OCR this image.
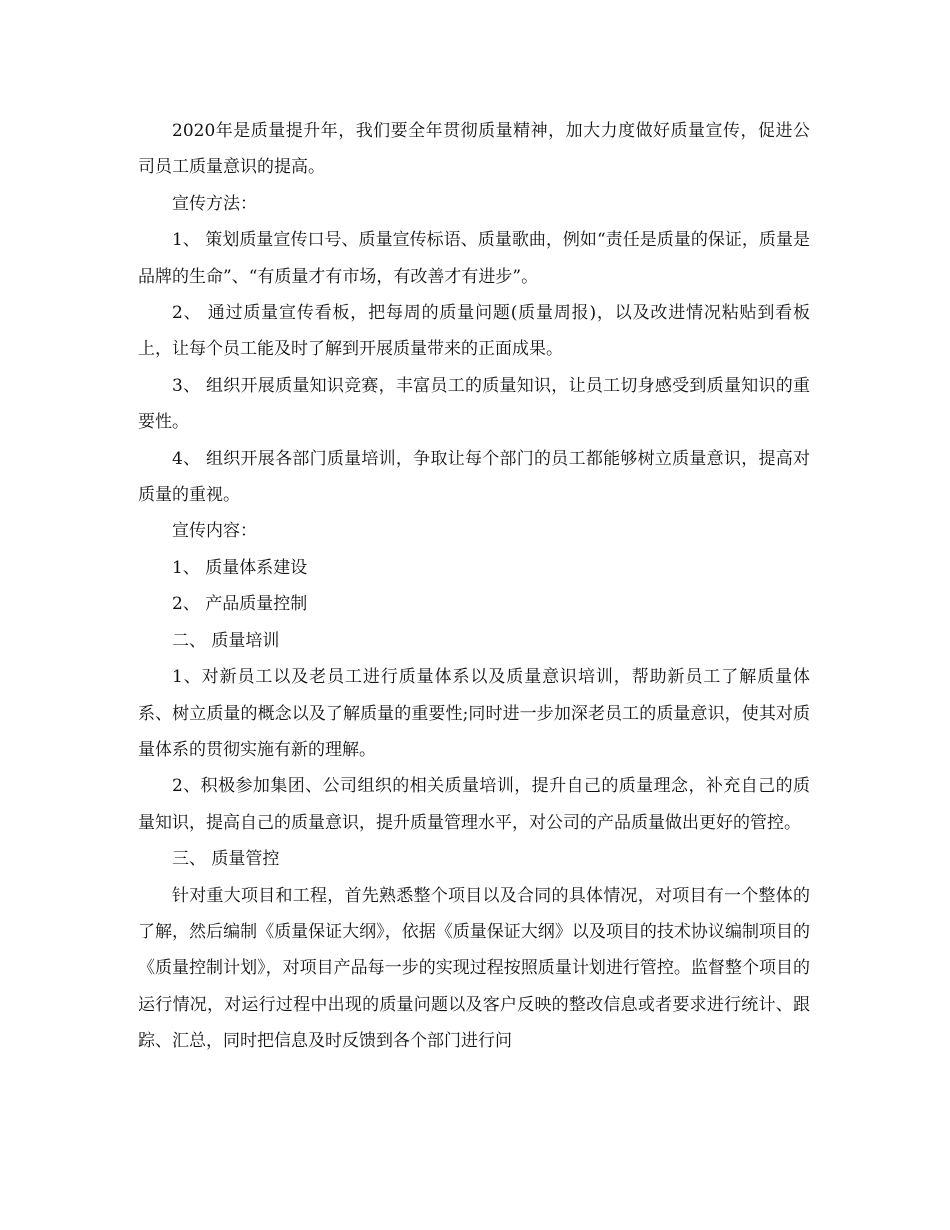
2020年是质量提升年，我们要全年贯彻质量精神，加大力度做好质量宣传，促进公司员工质量意识的提高。

宣传方法：

1、 策划质量宣传口号、质量宣传标语、质量歌曲，例如“责任是质量的保证，质量是品牌的生命”、“有质量才有市场，有改善才有进步”。

2、 通过质量宣传看板，把每周的质量问题(质量周报)，以及改进情况粘贴到看板上，让每个员工能及时了解到开展质量带来的正面成果。

3、 组织开展质量知识竞赛，丰富员工的质量知识，让员工切身感受到质量知识的重要性。

4、 组织开展各部门质量培训，争取让每个部门的员工都能够树立质量意识，提高对质量的重视。

宣传内容：

1、 质量体系建设

2、 产品质量控制

二、 质量培训

1、对新员工以及老员工进行质量体系以及质量意识培训，帮助新员工了解质量体系、树立质量的概念以及了解质量的重要性;同时进一步加深老员工的质量意识，使其对质量体系的贯彻实施有新的理解。

2、积极参加集团、公司组织的相关质量培训，提升自己的质量理念，补充自己的质量知识，提高自己的质量意识，提升质量管理水平，对公司的产品质量做出更好的管控。

三、 质量管控

针对重大项目和工程，首先熟悉整个项目以及合同的具体情况，对项目有一个整体的了解，然后编制《质量保证大纲》，依据《质量保证大纲》以及项目的技术协议编制项目的《质量控制计划》，对项目产品每一步的实现过程按照质量计划进行管控。监督整个项目的运行情况，对运行过程中出现的质量问题以及客户反映的整改信息或者要求进行统计、跟踪、汇总，同时把信息及时反馈到各个部门进行问
